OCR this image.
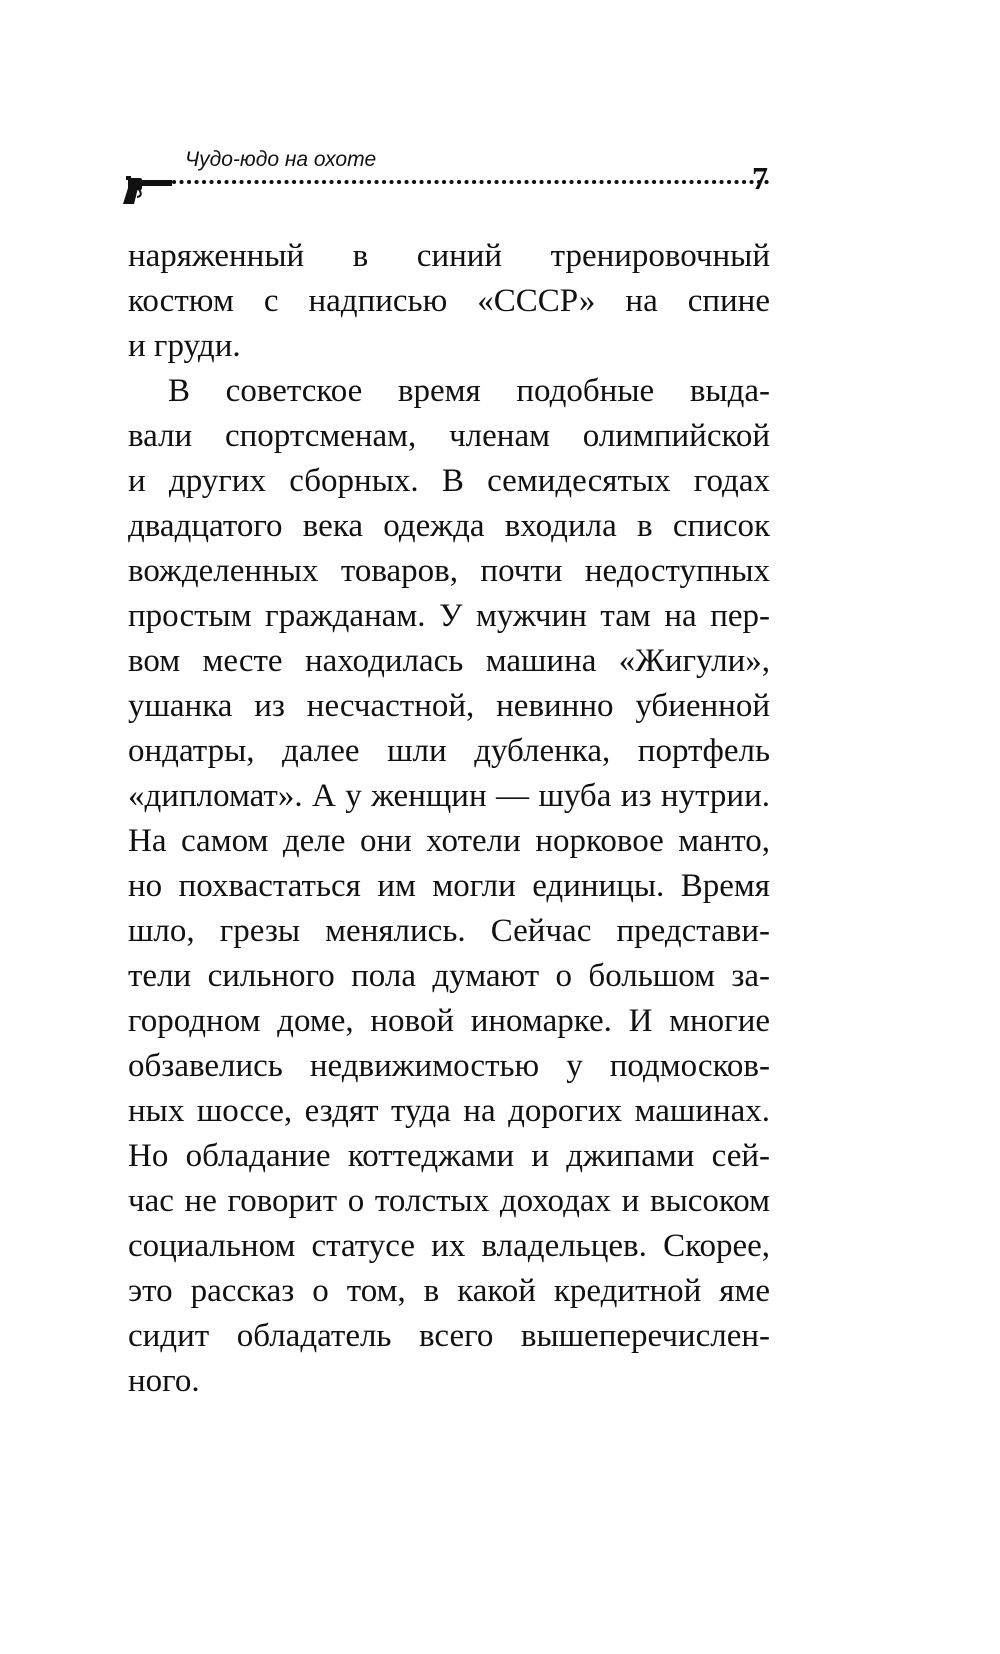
Чудо-юдо на охоте
7
наряженный в синий тренировочный
костюм с надписью «СССР» на спине
и груди.
В советское время подобные выда-
вали спортсменам, членам олимпийской
и других сборных. В семидесятых годах
двадцатого века одежда входила в список
вожделенных товаров, почти недоступных
простым гражданам. У мужчин там на пер-
вом месте находилась машина «Жигули»,
ушанка из несчастной, невинно убиенной
ондатры, далее шли дубленка, портфель
«дипломат». А у женщин — шуба из нутрии.
На самом деле они хотели норковое манто,
но похвастаться им могли единицы. Время
шло, грезы менялись. Сейчас представи-
тели сильного пола думают о большом за-
городном доме, новой иномарке. И многие
обзавелись недвижимостью у подмосков-
ных шоссе, ездят туда на дорогих машинах.
Но обладание коттеджами и джипами сей-
час не говорит о толстых доходах и высоком
социальном статусе их владельцев. Скорее,
это рассказ о том, в какой кредитной яме
сидит обладатель всего вышеперечислен-
ного.
